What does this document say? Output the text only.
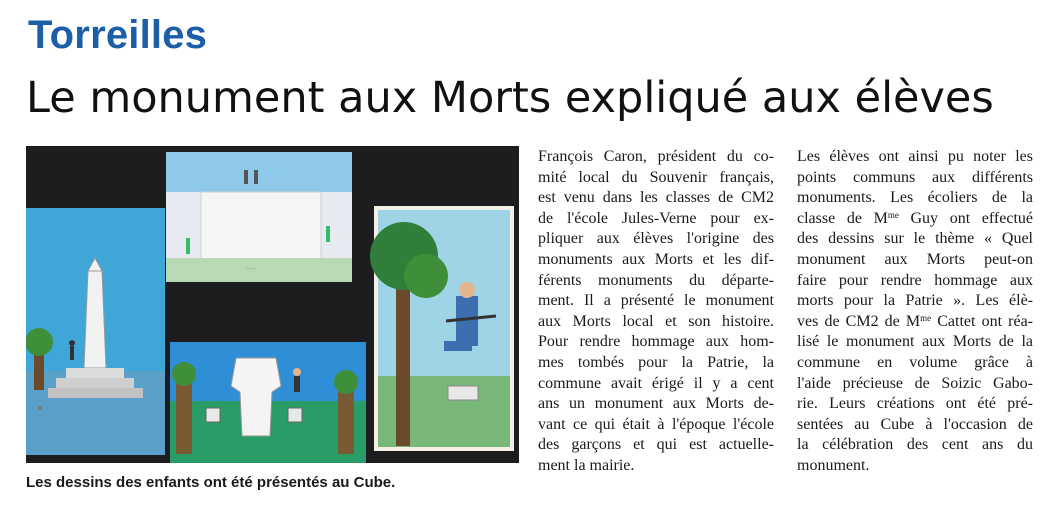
Torreilles
Le monument aux Morts expliqué aux élèves
·····

Les dessins des enfants ont été présentés au Cube.

François Caron, président du co-
mité local du Souvenir français,
est venu dans les classes de CM2
de l'école Jules-Verne pour ex-
pliquer aux élèves l'origine des
monuments aux Morts et les dif-
férents monuments du départe-
ment. Il a présenté le monument
aux Morts local et son histoire.
Pour rendre hommage aux hom-
mes tombés pour la Patrie, la
commune avait érigé il y a cent
ans un monument aux Morts de-
vant ce qui était à l'époque l'école
des garçons et qui est actuelle-
ment la mairie.
Les élèves ont ainsi pu noter les
points communs aux différents
monuments. Les écoliers de la
classe de $M^{me}$ Guy ont effectué
des dessins sur le thème « Quel
monument aux Morts peut-on
faire pour rendre hommage aux
morts pour la Patrie ». Les élè-
ves de CM2 de $M^{me}$ Cattet ont réa-
lisé le monument aux Morts de la
commune en volume grâce à
l'aide précieuse de Soizic Gabo-
rie. Leurs créations ont été pré-
sentées au Cube à l'occasion de
la célébration des cent ans du
monument.
